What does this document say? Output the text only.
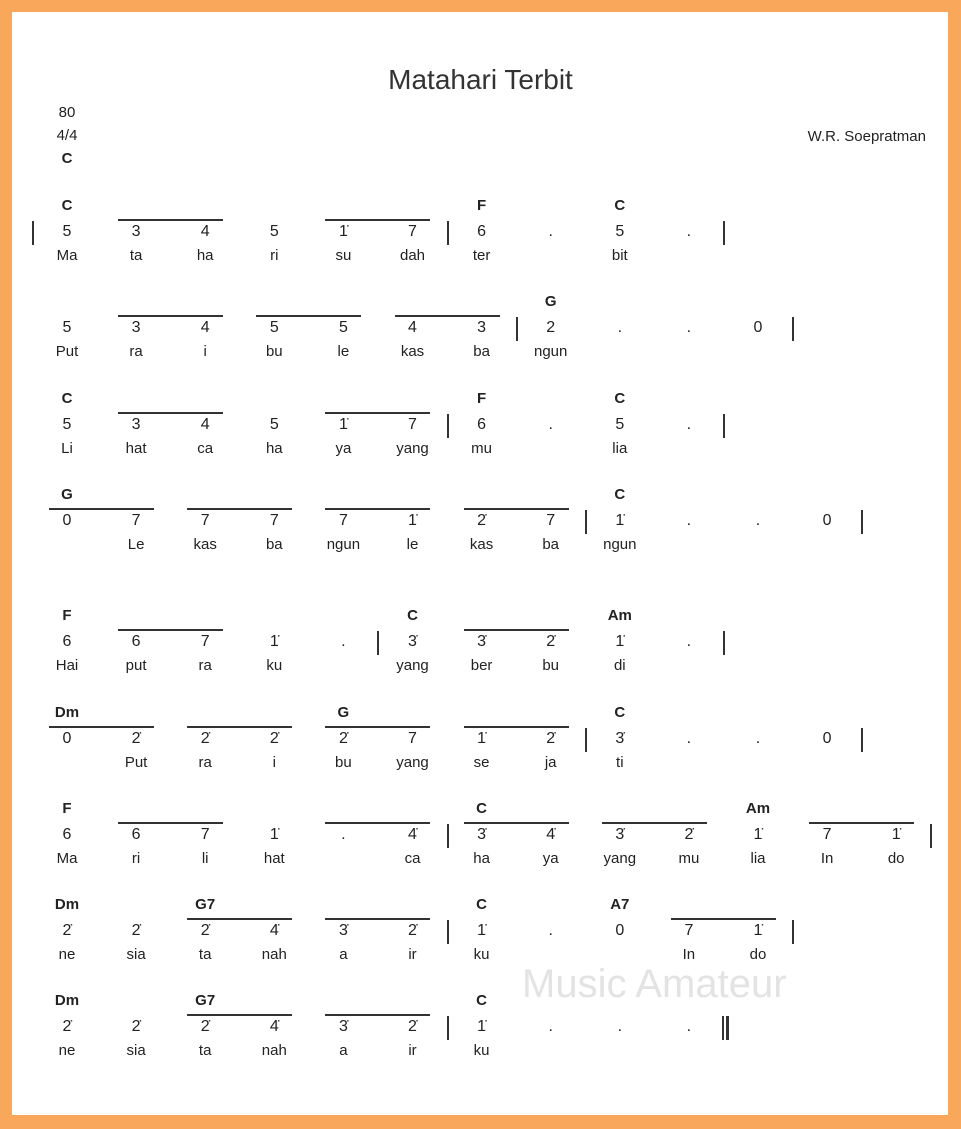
Matahari Terbit
80
4/4
C
W.R. Soepratman
Music Amateur
C	F	C
5	3	4	5	1̇	7	6	.	5	.
Ma	ta	ha	ri	su	dah	ter	bit
G
5	3	4	5	5	4	3	2	.	.	0
Put	ra	i	bu	le	kas	ba	ngun
C	F	C
5	3	4	5	1̇	7	6	.	5	.
Li	hat	ca	ha	ya	yang	mu	lia
G	C
0	7	7	7	7	1̇	2̇	7	1̇	.	.	0
Le	kas	ba	ngun	le	kas	ba	ngun
F	C	Am
6	6	7	1̇	.	3̇	3̇	2̇	1̇	.
Hai	put	ra	ku	yang	ber	bu	di
Dm	G	C
0	2̇	2̇	2̇	2̇	7	1̇	2̇	3̇	.	.	0
Put	ra	i	bu	yang	se	ja	ti
F	C	Am
6	6	7	1̇	.	4̇	3̇	4̇	3̇	2̇	1̇	7	1̇
Ma	ri	li	hat	ca	ha	ya	yang	mu	lia	In	do
Dm	G7	C	A7
2̇	2̇	2̇	4̇	3̇	2̇	1̇	.	0	7	1̇
ne	sia	ta	nah	a	ir	ku	In	do
Dm	G7	C
2̇	2̇	2̇	4̇	3̇	2̇	1̇	.	.	.
ne	sia	ta	nah	a	ir	ku
